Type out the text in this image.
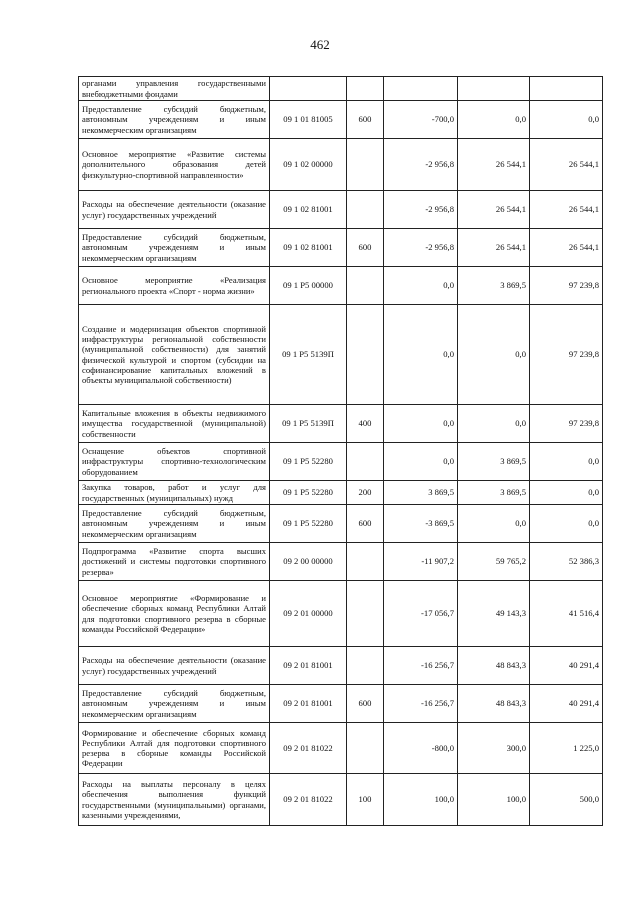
462
органами управления государственными внебюджетными фондами					
Предоставление субсидий бюджетным, автономным учреждениям и иным некоммерческим организациям	09 1 01 81005	600	-700,0	0,0	0,0
Основное мероприятие «Развитие системы дополнительного образования детей физкультурно-спортивной направленности»	09 1 02 00000		-2 956,8	26 544,1	26 544,1
Расходы на обеспечение деятельности (оказание услуг) государственных учреждений	09 1 02 81001		-2 956,8	26 544,1	26 544,1
Предоставление субсидий бюджетным, автономным учреждениям и иным некоммерческим организациям	09 1 02 81001	600	-2 956,8	26 544,1	26 544,1
Основное мероприятие «Реализация регионального проекта «Спорт - норма жизни»	09 1 P5 00000		0,0	3 869,5	97 239,8
Создание и модернизация объектов спортивной инфраструктуры региональной собственности (муниципальной собственности) для занятий физической культурой и спортом (субсидии на софинансирование капитальных вложений в объекты муниципальной собственности)	09 1 P5 5139П		0,0	0,0	97 239,8
Капитальные вложения в объекты недвижимого имущества государственной (муниципальной) собственности	09 1 P5 5139П	400	0,0	0,0	97 239,8
Оснащение объектов спортивной инфраструктуры спортивно-технологическим оборудованием	09 1 P5 52280		0,0	3 869,5	0,0
Закупка товаров, работ и услуг для государственных (муниципальных) нужд	09 1 P5 52280	200	3 869,5	3 869,5	0,0
Предоставление субсидий бюджетным, автономным учреждениям и иным некоммерческим организациям	09 1 P5 52280	600	-3 869,5	0,0	0,0
Подпрограмма «Развитие спорта высших достижений и системы подготовки спортивного резерва»	09 2 00 00000		-11 907,2	59 765,2	52 386,3
Основное мероприятие «Формирование и обеспечение сборных команд Республики Алтай для подготовки спортивного резерва в сборные команды Российской Федерации»	09 2 01 00000		-17 056,7	49 143,3	41 516,4
Расходы на обеспечение деятельности (оказание услуг) государственных учреждений	09 2 01 81001		-16 256,7	48 843,3	40 291,4
Предоставление субсидий бюджетным, автономным учреждениям и иным некоммерческим организациям	09 2 01 81001	600	-16 256,7	48 843,3	40 291,4
Формирование и обеспечение сборных команд Республики Алтай для подготовки спортивного резерва в сборные команды Российской Федерации	09 2 01 81022		-800,0	300,0	1 225,0
Расходы на выплаты персоналу в целях обеспечения выполнения функций государственными (муниципальными) органами, казенными учреждениями,	09 2 01 81022	100	100,0	100,0	500,0
